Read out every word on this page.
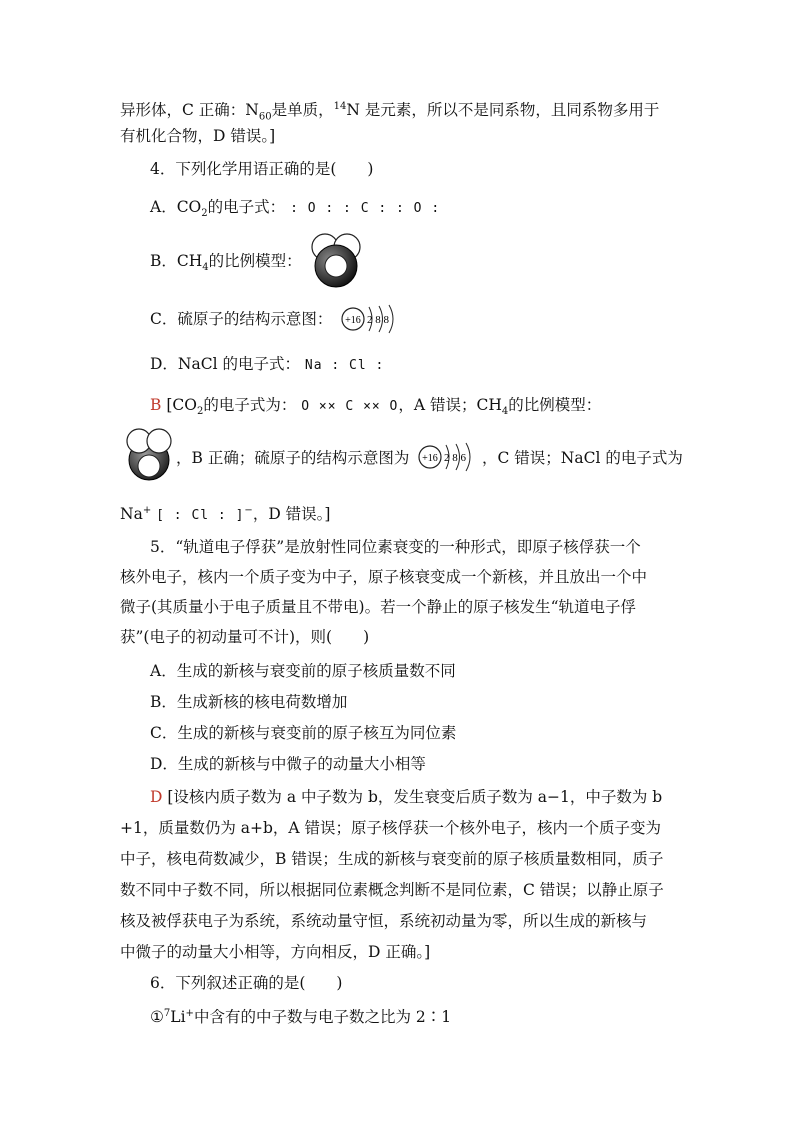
异形体，C 正确：$N_{60}$是单质，$^{14}$N 是元素，所以不是同系物，且同系物多用于
有机化合物，D 错误。]
4．下列化学用语正确的是(　　)
A．$CO_2$的电子式： : O : : C : : O :
B．$CH_4$的比例模型：
C．硫原子的结构示意图： +16 2 8 8
D．NaCl 的电子式： Na : Cl :
B [$CO_2$的电子式为： O ×× C ×× O，A 错误；$CH_4$的比例模型：
，B 正确；硫原子的结构示意图为 +16 2 8 6 ，C 错误；NaCl 的电子式为
Na+ [ : Cl : ]−，D 错误。]
5．“轨道电子俘获”是放射性同位素衰变的一种形式，即原子核俘获一个
核外电子，核内一个质子变为中子，原子核衰变成一个新核，并且放出一个中
微子(其质量小于电子质量且不带电)。若一个静止的原子核发生“轨道电子俘
获”(电子的初动量可不计)，则(　　)
A．生成的新核与衰变前的原子核质量数不同
B．生成新核的核电荷数增加
C．生成的新核与衰变前的原子核互为同位素
D．生成的新核与中微子的动量大小相等
D [设核内质子数为 a 中子数为 b，发生衰变后质子数为 a−1，中子数为 b
+1，质量数仍为 a+b，A 错误；原子核俘获一个核外电子，核内一个质子变为
中子，核电荷数减少，B 错误；生成的新核与衰变前的原子核质量数相同，质子
数不同中子数不同，所以根据同位素概念判断不是同位素，C 错误；以静止原子
核及被俘获电子为系统，系统动量守恒，系统初动量为零，所以生成的新核与
中微子的动量大小相等，方向相反，D 正确。]
6．下列叙述正确的是(　　)
①$^7$Li+中含有的中子数与电子数之比为 2∶1
